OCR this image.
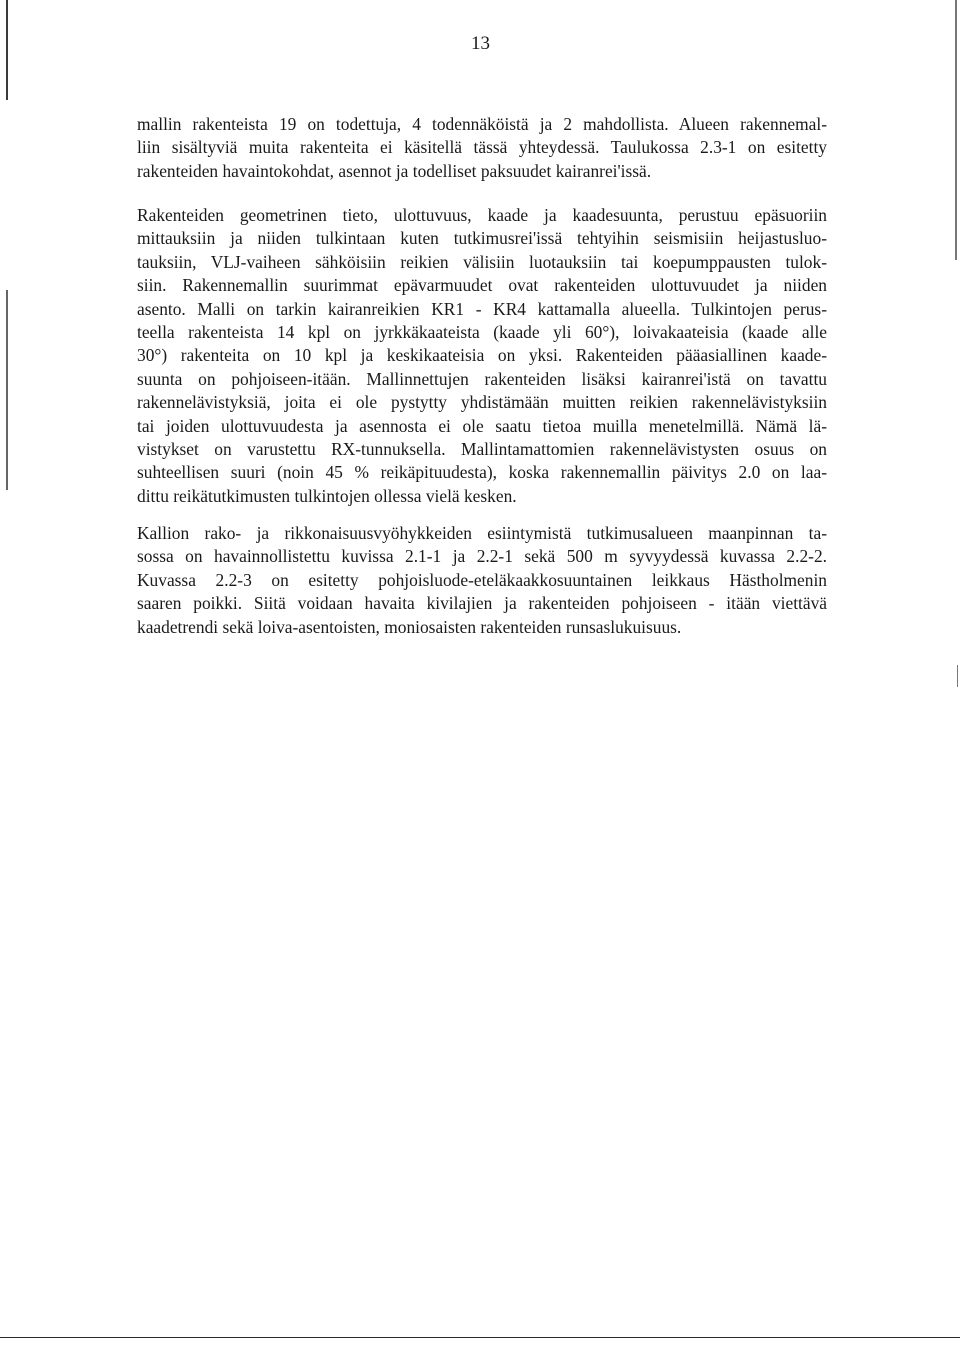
13
mallin rakenteista 19 on todettuja, 4 todennäköistä ja 2 mahdollista. Alueen rakennemal-
liin sisältyviä muita rakenteita ei käsitellä tässä yhteydessä. Taulukossa 2.3-1 on esitetty
rakenteiden havaintokohdat, asennot ja todelliset paksuudet kairanrei'issä.
Rakenteiden geometrinen tieto, ulottuvuus, kaade ja kaadesuunta, perustuu epäsuoriin
mittauksiin ja niiden tulkintaan kuten tutkimusrei'issä tehtyihin seismisiin heijastusluo-
tauksiin, VLJ-vaiheen sähköisiin reikien välisiin luotauksiin tai koepumppausten tulok-
siin. Rakennemallin suurimmat epävarmuudet ovat rakenteiden ulottuvuudet ja niiden
asento. Malli on tarkin kairanreikien KR1 - KR4 kattamalla alueella. Tulkintojen perus-
teella rakenteista 14 kpl on jyrkkäkaateista (kaade yli 60°), loivakaateisia (kaade alle
30°) rakenteita on 10 kpl ja keskikaateisia on yksi. Rakenteiden pääasiallinen kaade-
suunta on pohjoiseen-itään. Mallinnettujen rakenteiden lisäksi kairanrei'istä on tavattu
rakennelävistyksiä, joita ei ole pystytty yhdistämään muitten reikien rakennelävistyksiin
tai joiden ulottuvuudesta ja asennosta ei ole saatu tietoa muilla menetelmillä. Nämä lä-
vistykset on varustettu RX-tunnuksella. Mallintamattomien rakennelävistysten osuus on
suhteellisen suuri (noin 45 % reikäpituudesta), koska rakennemallin päivitys 2.0 on laa-
dittu reikätutkimusten tulkintojen ollessa vielä kesken.
Kallion rako- ja rikkonaisuusvyöhykkeiden esiintymistä tutkimusalueen maanpinnan ta-
sossa on havainnollistettu kuvissa 2.1-1 ja 2.2-1 sekä 500 m syvyydessä kuvassa 2.2-2.
Kuvassa 2.2-3 on esitetty pohjoisluode-eteläkaakkosuuntainen leikkaus Hästholmenin
saaren poikki. Siitä voidaan havaita kivilajien ja rakenteiden pohjoiseen - itään viettävä
kaadetrendi sekä loiva-asentoisten, moniosaisten rakenteiden runsaslukuisuus.
